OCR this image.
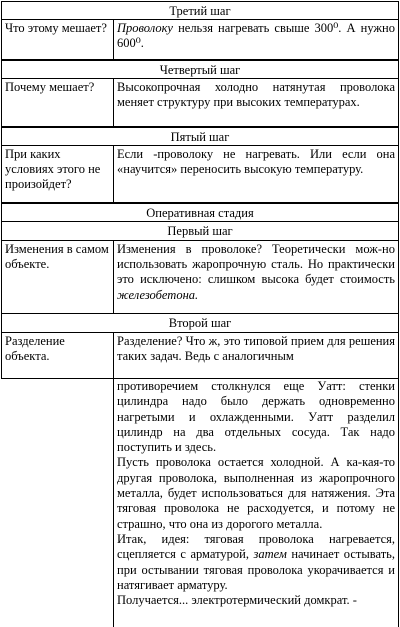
Третий шаг
Что этому мешает? Проволоку нельзя нагревать свыше 300⁰. А нужно 600⁰.
Четвертый шаг
Почему мешает?	Высокопрочная холодно натянутая проволока меняет структуру при высоких температурах.
Пятый шаг
При каких условиях этого не произойдет?
Если -проволоку не нагревать. Или если она «научится» переносить высокую температуру.
Оперативная стадия
Первый шаг
Изменения в самом объекте.
Изменения в проволоке? Теоретически мож-но использовать жаропрочную сталь. Но практически это исключено: слишком высока будет стоимость железобетона.
Второй шаг
Разделение объекта.
Разделение? Что ж, это типовой прием для решения таких задач. Ведь с аналогичным
противоречием столкнулся еще Уатт: стенки цилиндра надо было держать одновременно нагретыми и охлажденными. Уатт разделил цилиндр на два отдельных сосуда. Так надо поступить и здесь.
Пусть проволока остается холодной. А ка-кая-то другая проволока, выполненная из жаропрочного металла, будет использоваться для натяжения. Эта тяговая проволока не расходуется, и потому не страшно, что она из дорогого металла.
Итак, идея: тяговая проволока нагревается, сцепляется с арматурой, затем начинает остывать, при остывании тяговая проволока укорачивается и натягивает арматуру.
Получается... электротермический домкрат. -
